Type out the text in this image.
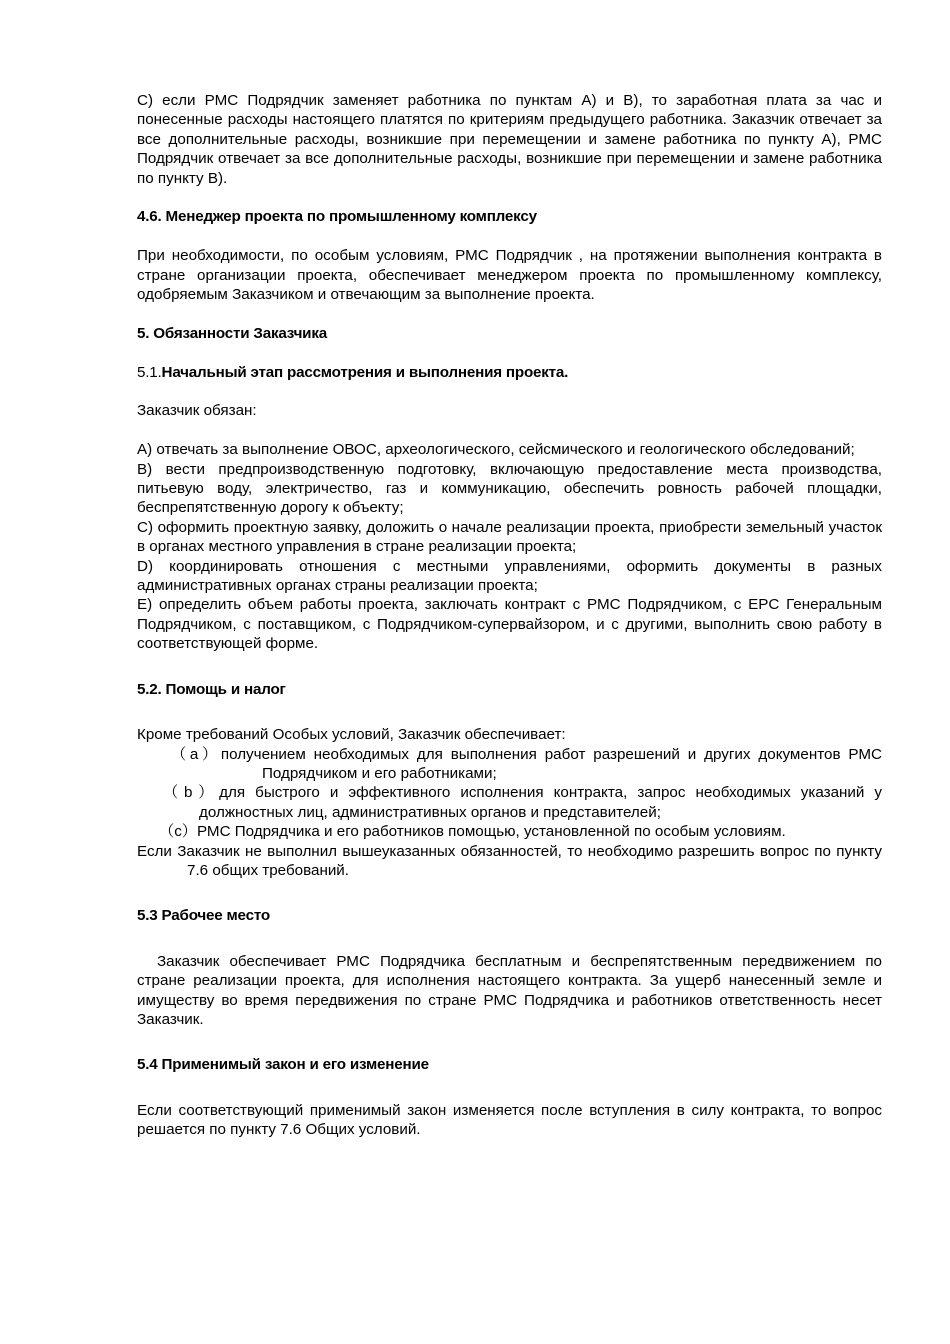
С) если РМС Подрядчик заменяет работника по пунктам А) и В), то заработная плата за час и понесенные расходы настоящего платятся по критериям предыдущего работника. Заказчик отвечает за все дополнительные расходы, возникшие при перемещении и замене работника по пункту А), РМС Подрядчик отвечает за все дополнительные расходы, возникшие при перемещении и замене работника по пункту В).

4.6. Менеджер проекта по промышленному комплексу

При необходимости, по особым условиям, РМС Подрядчик , на протяжении выполнения контракта в стране организации проекта, обеспечивает менеджером проекта по промышленному комплексу, одобряемым Заказчиком и отвечающим за выполнение проекта.

5. Обязанности Заказчика
5.1.Начальный этап рассмотрения и выполнения проекта.

Заказчик обязан:

A) отвечать за выполнение ОВОС, археологического, сейсмического и геологического обследований;

B) вести предпроизводственную подготовку, включающую предоставление места производства, питьевую воду, электричество, газ и коммуникацию, обеспечить ровность рабочей площадки, беспрепятственную дорогу к объекту;

C) оформить проектную заявку, доложить о начале реализации проекта, приобрести земельный участок в органах местного управления в стране реализации проекта;

D) координировать отношения с местными управлениями, оформить документы в разных административных органах страны реализации проекта;

E) определить объем работы проекта, заключать контракт с РМС Подрядчиком, с EPC Генеральным Подрядчиком, с поставщиком, с Подрядчиком-супервайзором, и с другими, выполнить свою работу в соответствующей форме.

5.2. Помощь и налог

Кроме требований Особых условий, Заказчик обеспечивает:

（a）получением необходимых для выполнения работ разрешений и других документов РМС Подрядчиком и его работниками;

（b）для быстрого и эффективного исполнения контракта, запрос необходимых указаний у должностных лиц, административных органов и представителей;

（c）РМС Подрядчика и его работников помощью, установленной по особым условиям.

Если Заказчик не выполнил вышеуказанных обязанностей, то необходимо разрешить вопрос по пункту 7.6 общих требований.

5.3 Рабочее место

Заказчик обеспечивает РМС Подрядчика бесплатным и беспрепятственным передвижением по стране реализации проекта, для исполнения настоящего контракта. За ущерб нанесенный земле и имуществу во время передвижения по стране РМС Подрядчика и работников ответственность несет Заказчик.

5.4 Применимый закон и его изменение

Если соответствующий применимый закон изменяется после вступления в силу контракта, то вопрос решается по пункту 7.6 Общих условий.
